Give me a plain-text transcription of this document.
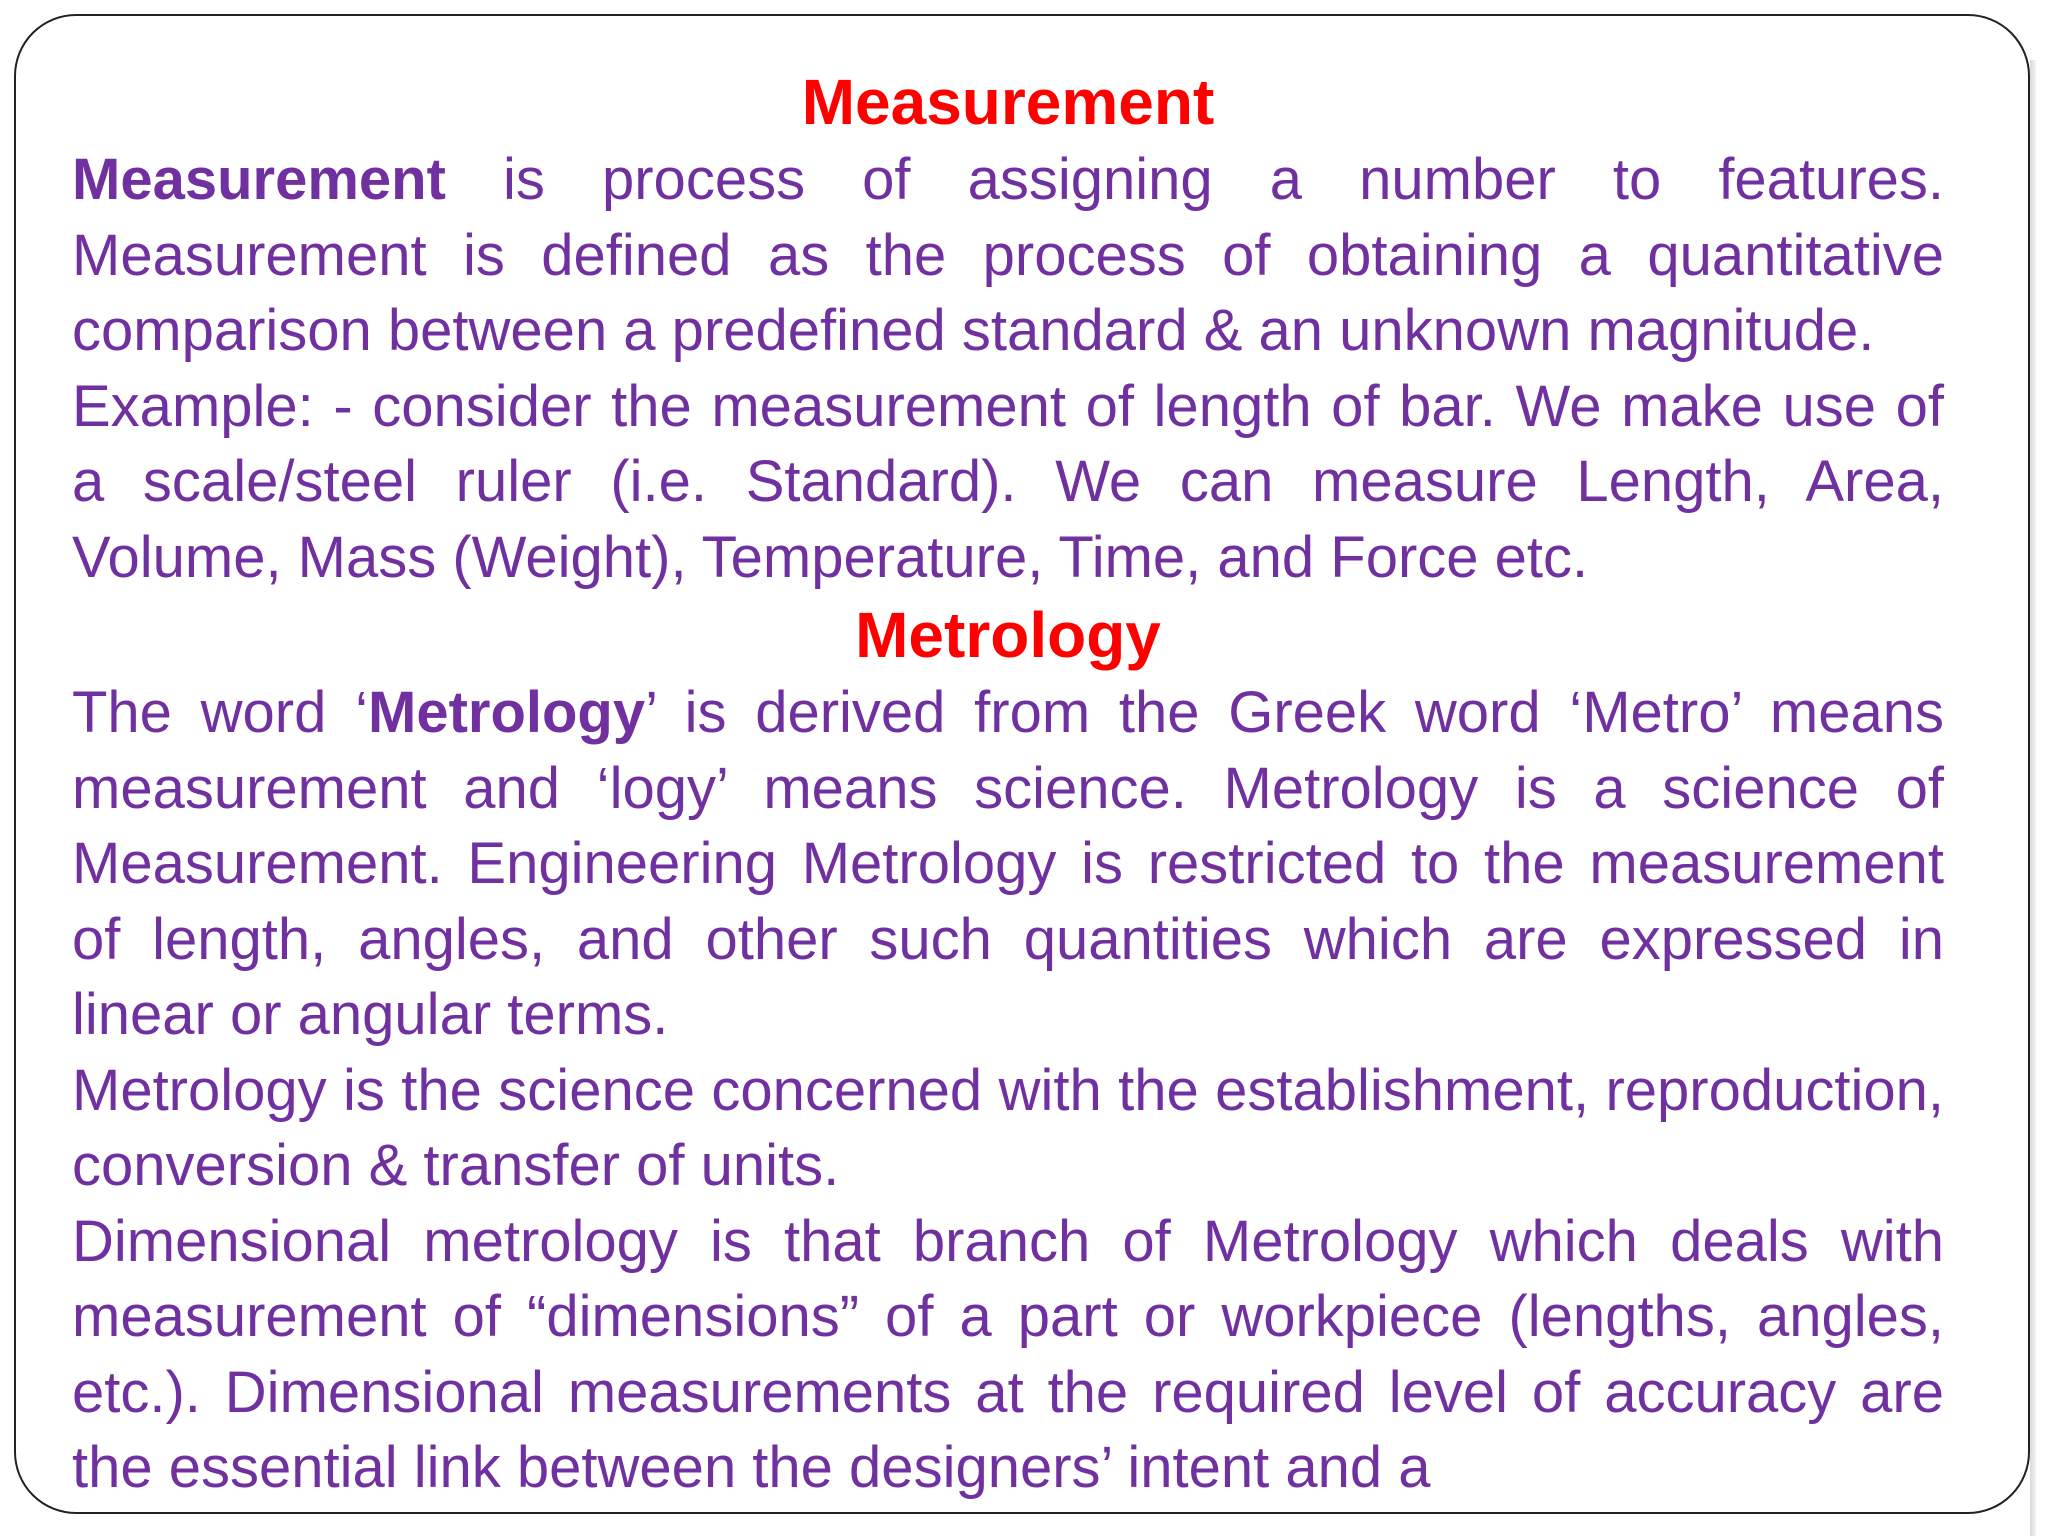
Measurement

Measurement is process of assigning a number to features. Measurement is defined as the process of obtaining a quantitative comparison between a predefined standard & an unknown magnitude.

Example: - consider the measurement of length of bar. We make use of a scale/steel ruler (i.e. Standard). We can measure Length, Area, Volume, Mass (Weight), Temperature, Time, and Force etc.

Metrology

The word ‘Metrology’ is derived from the Greek word ‘Metro’ means measurement and ‘logy’ means science. Metrology is a science of Measurement. Engineering Metrology is restricted to the measurement of length, angles, and other such quantities which are expressed in linear or angular terms.

Metrology is the science concerned with the establishment, reproduction, conversion & transfer of units.

Dimensional metrology is that branch of Metrology which deals with measurement of “dimensions” of a part or workpiece (lengths, angles, etc.). Dimensional measurements at the required level of accuracy are the essential link between the designers’ intent and a
